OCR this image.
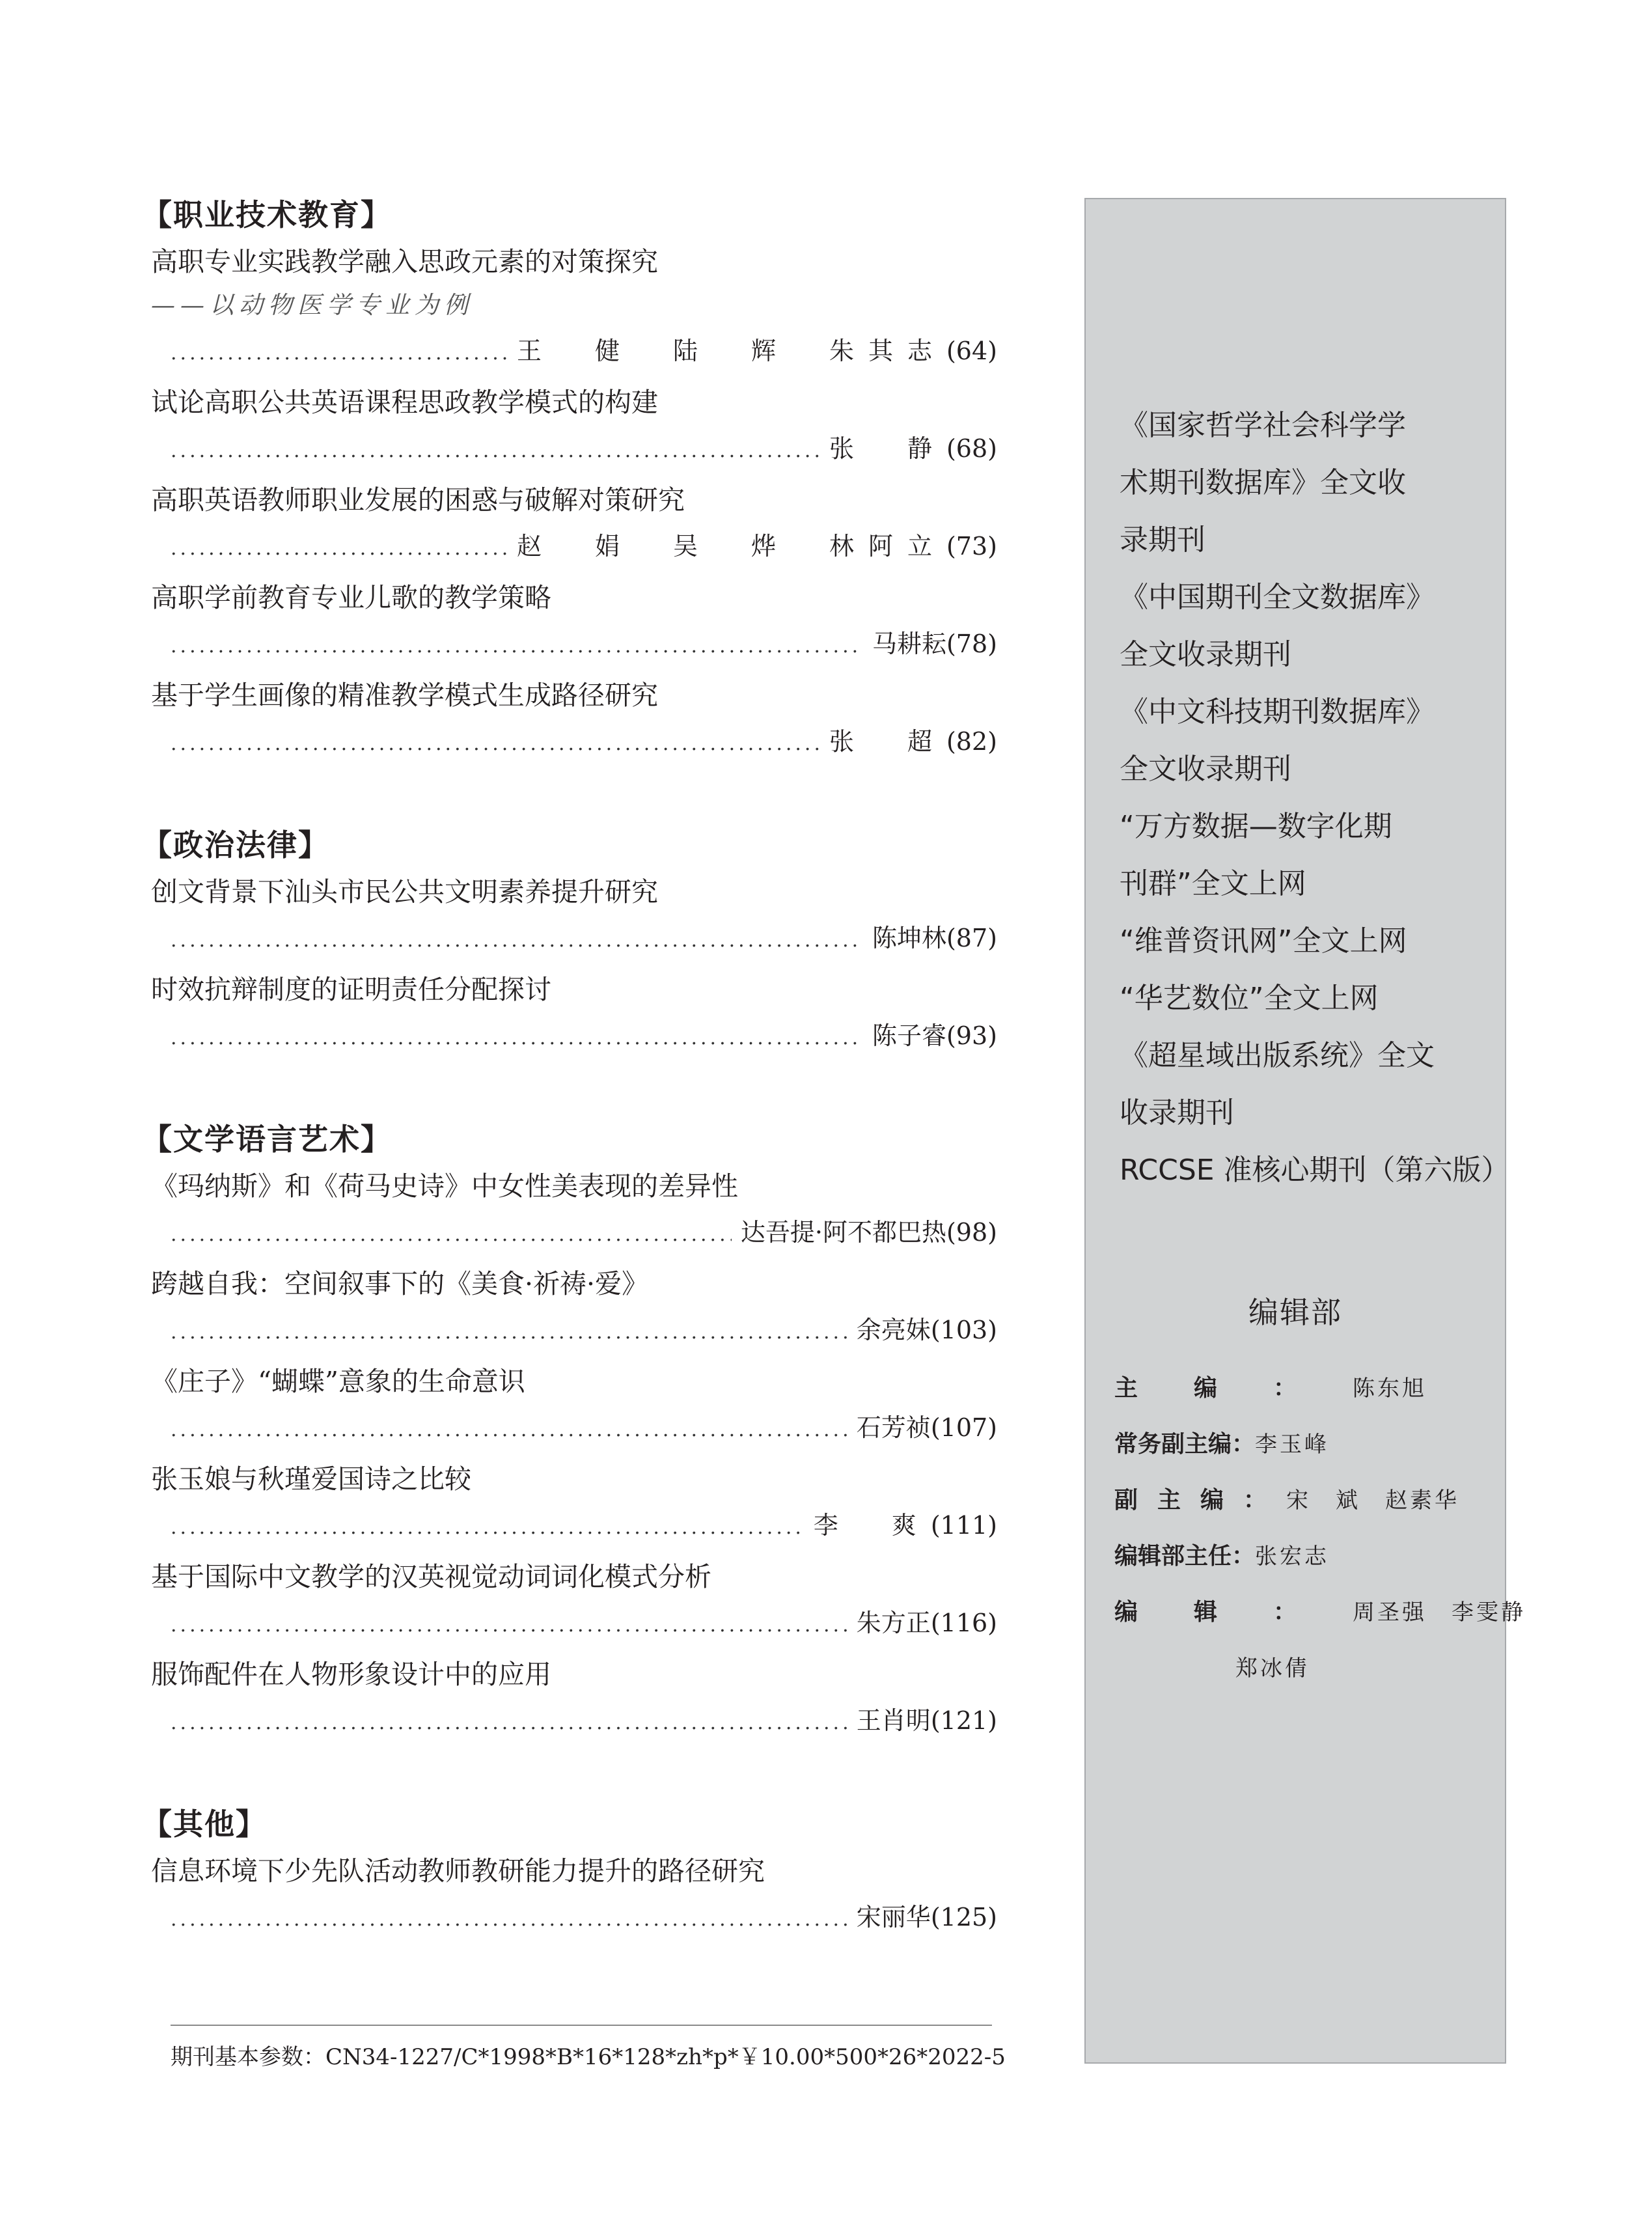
【职业技术教育】
高职专业实践教学融入思政元素的对策探究
——以动物医学专业为例
.....
王　健　陆　辉　朱其志 (64)
试论高职公共英语课程思政教学模式的构建
.....
张　静 (68)
高职英语教师职业发展的困惑与破解对策研究
.....
赵　娟　吴　烨　林阿立 (73)
高职学前教育专业儿歌的教学策略
.....
马耕耘 (78)
基于学生画像的精准教学模式生成路径研究
.....
张　超 (82)
【政治法律】
创文背景下汕头市民公共文明素养提升研究
.....
陈坤林 (87)
时效抗辩制度的证明责任分配探讨
.....
陈子睿 (93)
【文学语言艺术】
《玛纳斯》和《荷马史诗》中女性美表现的差异性
.....
达吾提·阿不都巴热 (98)
跨越自我：空间叙事下的《美食·祈祷·爱》
.....
余亮妹 (103)
《庄子》“蝴蝶”意象的生命意识
.....
石芳祯 (107)
张玉娘与秋瑾爱国诗之比较
.....
李　爽 (111)
基于国际中文教学的汉英视觉动词词化模式分析
.....
朱方正 (116)
服饰配件在人物形象设计中的应用
.....
王肖明 (121)
【其他】
信息环境下少先队活动教师教研能力提升的路径研究
.....
宋丽华 (125)
期刊基本参数：CN34-1227/C*1998*B*16*128*zh*p*￥10.00*500*26*2022-5
《国家哲学社会科学学
术期刊数据库》全文收
录期刊
《中国期刊全文数据库》
全文收录期刊
《中文科技期刊数据库》
全文收录期刊
“万方数据—数字化期
刊群”全文上网
“维普资讯网”全文上网
“华艺数位”全文上网
《超星域出版系统》全文
收录期刊
RCCSE 准核心期刊（第六版）
编辑部
主编： 陈东旭
常务副主编： 李玉峰
副主编： 宋　斌　赵素华
编辑部主任： 张宏志
编辑： 周圣强　李雯静
郑冰倩
